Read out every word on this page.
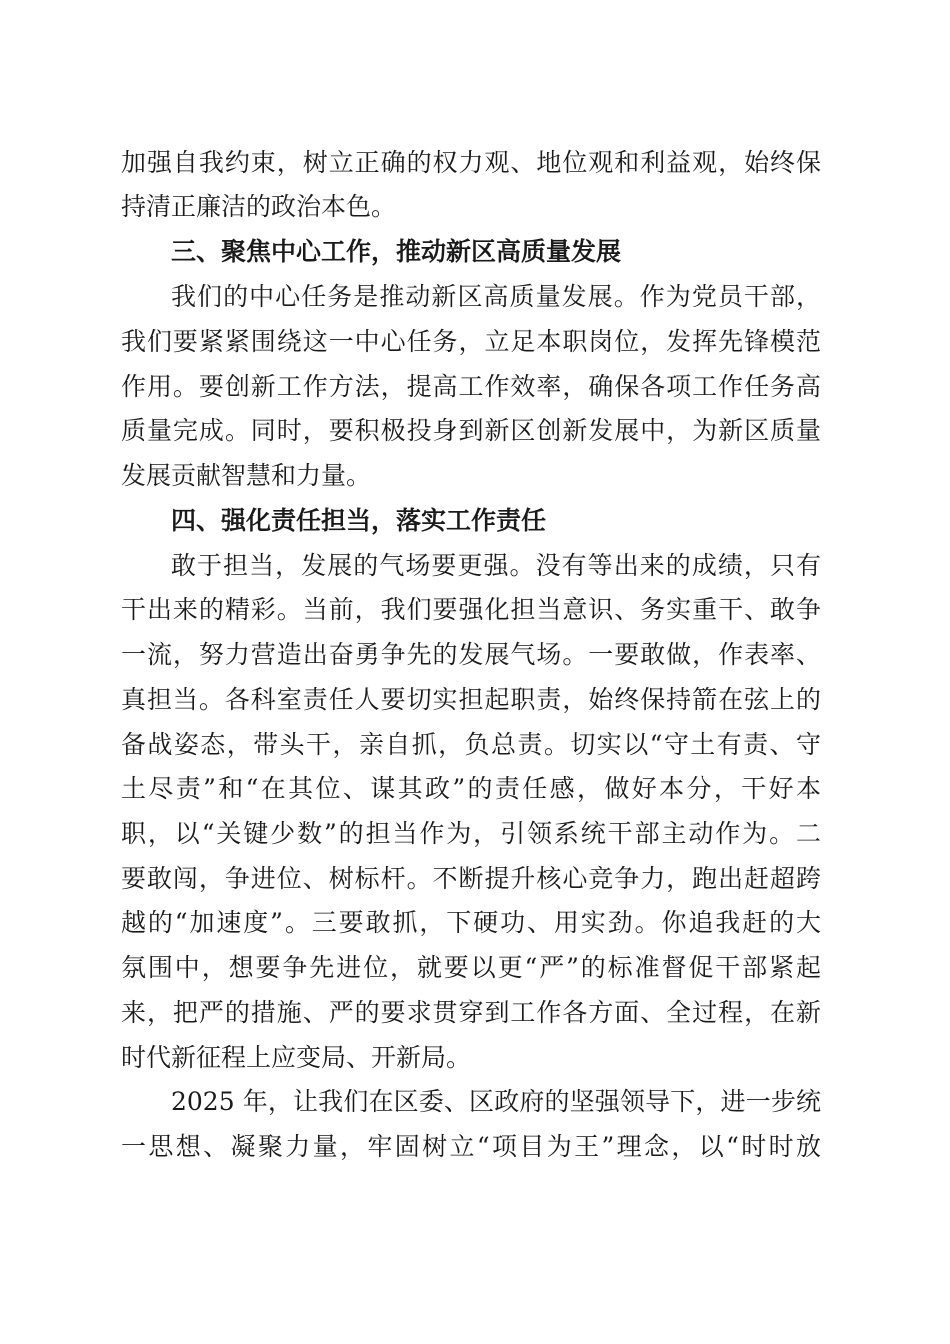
加强自我约束，树立正确的权力观、地位观和利益观，始终保
持清正廉洁的政治本色。
三、聚焦中心工作，推动新区高质量发展
我们的中心任务是推动新区高质量发展。作为党员干部，
我们要紧紧围绕这一中心任务，立足本职岗位，发挥先锋模范
作用。要创新工作方法，提高工作效率，确保各项工作任务高
质量完成。同时，要积极投身到新区创新发展中，为新区质量
发展贡献智慧和力量。
四、强化责任担当，落实工作责任
敢于担当，发展的气场要更强。没有等出来的成绩，只有
干出来的精彩。当前，我们要强化担当意识、务实重干、敢争
一流，努力营造出奋勇争先的发展气场。一要敢做，作表率、
真担当。各科室责任人要切实担起职责，始终保持箭在弦上的
备战姿态，带头干，亲自抓，负总责。切实以“守土有责、守
土尽责”和“在其位、谋其政”的责任感，做好本分，干好本
职，以“关键少数”的担当作为，引领系统干部主动作为。二
要敢闯，争进位、树标杆。不断提升核心竞争力，跑出赶超跨
越的“加速度”。三要敢抓，下硬功、用实劲。你追我赶的大
氛围中，想要争先进位，就要以更“严”的标准督促干部紧起
来，把严的措施、严的要求贯穿到工作各方面、全过程，在新
时代新征程上应变局、开新局。
2025 年，让我们在区委、区政府的坚强领导下，进一步统
一思想、凝聚力量，牢固树立“项目为王”理念，以“时时放
